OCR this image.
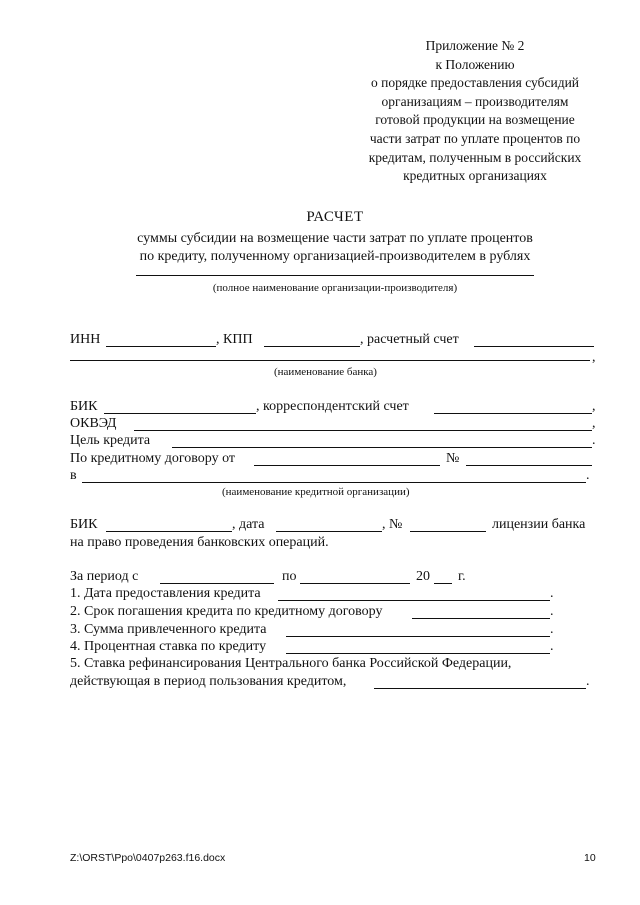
Приложение № 2
к Положению
о порядке предоставления субсидий
организациям – производителям
готовой продукции на возмещение
части затрат по уплате процентов по
кредитам, полученным в российских
кредитных организациях
РАСЧЕТ
суммы субсидии на возмещение части затрат по уплате процентов
по кредиту, полученному организацией-производителем в рублях
(полное наименование организации-производителя)
ИНН	, КПП	, расчетный счет
,
(наименование банка)
БИК	, корреспондентский счет	,
ОКВЭД	,
Цель кредита	.
По кредитному договору от	№
в	.
(наименование кредитной организации)
БИК	, дата	, №	лицензии банка
на право проведения банковских операций.
За период с	по	20 г.
1. Дата предоставления кредита	.
2. Срок погашения кредита по кредитному договору	.
3. Сумма привлеченного кредита	.
4. Процентная ставка по кредиту	.
5. Ставка рефинансирования Центрального банка Российской Федерации,
действующая в период пользования кредитом,	.
Z:\ORST\Ppo\0407p263.f16.docx	10
